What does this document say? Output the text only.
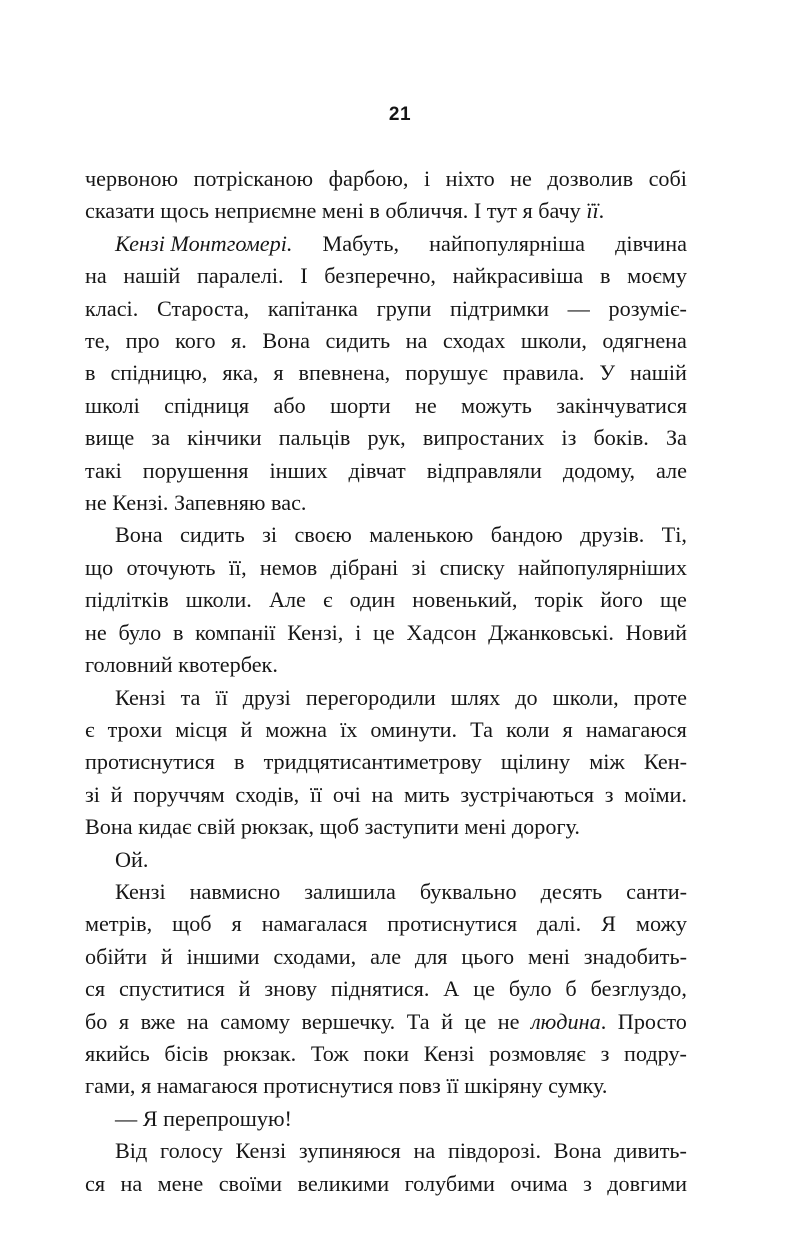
21
червоною потрісканою фарбою, і ніхто не дозволив собі
сказати щось неприємне мені в обличчя. І тут я бачу її.
Кензі Монтгомері. Мабуть, найпопулярніша дівчина
на нашій паралелі. І безперечно, найкрасивіша в моєму
класі. Староста, капітанка групи підтримки — розуміє-
те, про кого я. Вона сидить на сходах школи, одягнена
в спідницю, яка, я впевнена, порушує правила. У нашій
школі спідниця або шорти не можуть закінчуватися
вище за кінчики пальців рук, випростаних із боків. За
такі порушення інших дівчат відправляли додому, але
не Кензі. Запевняю вас.
Вона сидить зі своєю маленькою бандою друзів. Ті,
що оточують її, немов дібрані зі списку найпопулярніших
підлітків школи. Але є один новенький, торік його ще
не було в компанії Кензі, і це Хадсон Джанковські. Новий
головний квотербек.
Кензі та її друзі перегородили шлях до школи, проте
є трохи місця й можна їх оминути. Та коли я намагаюся
протиснутися в тридцятисантиметрову щілину між Кен-
зі й поруччям сходів, її очі на мить зустрічаються з моїми.
Вона кидає свій рюкзак, щоб заступити мені дорогу.
Ой.
Кензі навмисно залишила буквально десять санти-
метрів, щоб я намагалася протиснутися далі. Я можу
обійти й іншими сходами, але для цього мені знадобить-
ся спуститися й знову піднятися. А це було б безглуздо,
бо я вже на самому вершечку. Та й це не людина. Просто
якийсь бісів рюкзак. Тож поки Кензі розмовляє з подру-
гами, я намагаюся протиснутися повз її шкіряну сумку.
— Я перепрошую!
Від голосу Кензі зупиняюся на півдорозі. Вона дивить-
ся на мене своїми великими голубими очима з довгими
